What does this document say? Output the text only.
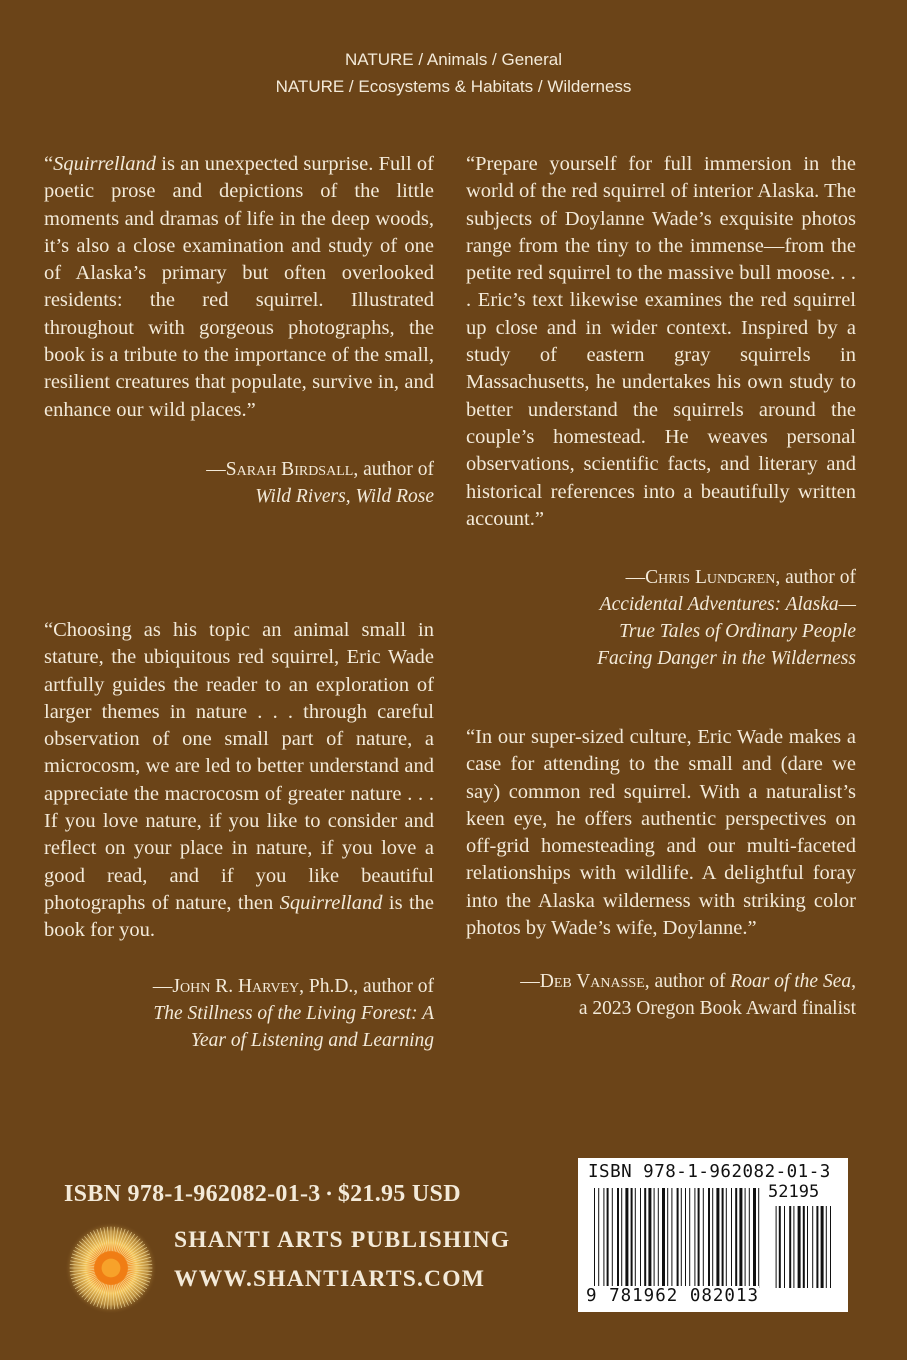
NATURE / Animals / General
NATURE / Ecosystems & Habitats / Wilderness

“Squirrelland is an unexpected surprise. Full of poetic prose and depictions of the little moments and dramas of life in the deep woods, it’s also a close examination and study of one of Alaska’s primary but often overlooked residents: the red squirrel. Illustrated throughout with gorgeous photographs, the book is a tribute to the importance of the small, resilient creatures that populate, survive in, and enhance our wild places.”

—Sarah Birdsall, author of
Wild Rivers, Wild Rose

“Choosing as his topic an animal small in stature, the ubiquitous red squirrel, Eric Wade artfully guides the reader to an exploration of larger themes in nature . . . through careful observation of one small part of nature, a microcosm, we are led to better understand and appreciate the macrocosm of greater nature . . . If you love nature, if you like to consider and reflect on your place in nature, if you love a good read, and if you like beautiful photographs of nature, then Squirrelland is the book for you.

—John R. Harvey, Ph.D., author of
The Stillness of the Living Forest: A
Year of Listening and Learning

“Prepare yourself for full immersion in the world of the red squirrel of interior Alaska. The subjects of Doylanne Wade’s exquisite photos range from the tiny to the immense—from the petite red squirrel to the massive bull moose. . . . Eric’s text likewise examines the red squirrel up close and in wider context. Inspired by a study of eastern gray squirrels in Massachusetts, he undertakes his own study to better understand the squirrels around the couple’s homestead. He weaves personal observations, scientific facts, and literary and historical references into a beautifully written account.”

—Chris Lundgren, author of
Accidental Adventures: Alaska—
True Tales of Ordinary People
Facing Danger in the Wilderness

“In our super-sized culture, Eric Wade makes a case for attending to the small and (dare we say) common red squirrel. With a naturalist’s keen eye, he offers authentic perspectives on off-grid homesteading and our multi-faceted relationships with wildlife. A delightful foray into the Alaska wilderness with striking color photos by Wade’s wife, Doylanne.”

—Deb Vanasse, author of Roar of the Sea,
a 2023 Oregon Book Award finalist

ISBN 978-1-962082-01-3 • $21.95 USD
SHANTI ARTS PUBLISHING
WWW.SHANTIARTS.COM
ISBN 978-1-962082-01-3
52195
9 781962 082013
